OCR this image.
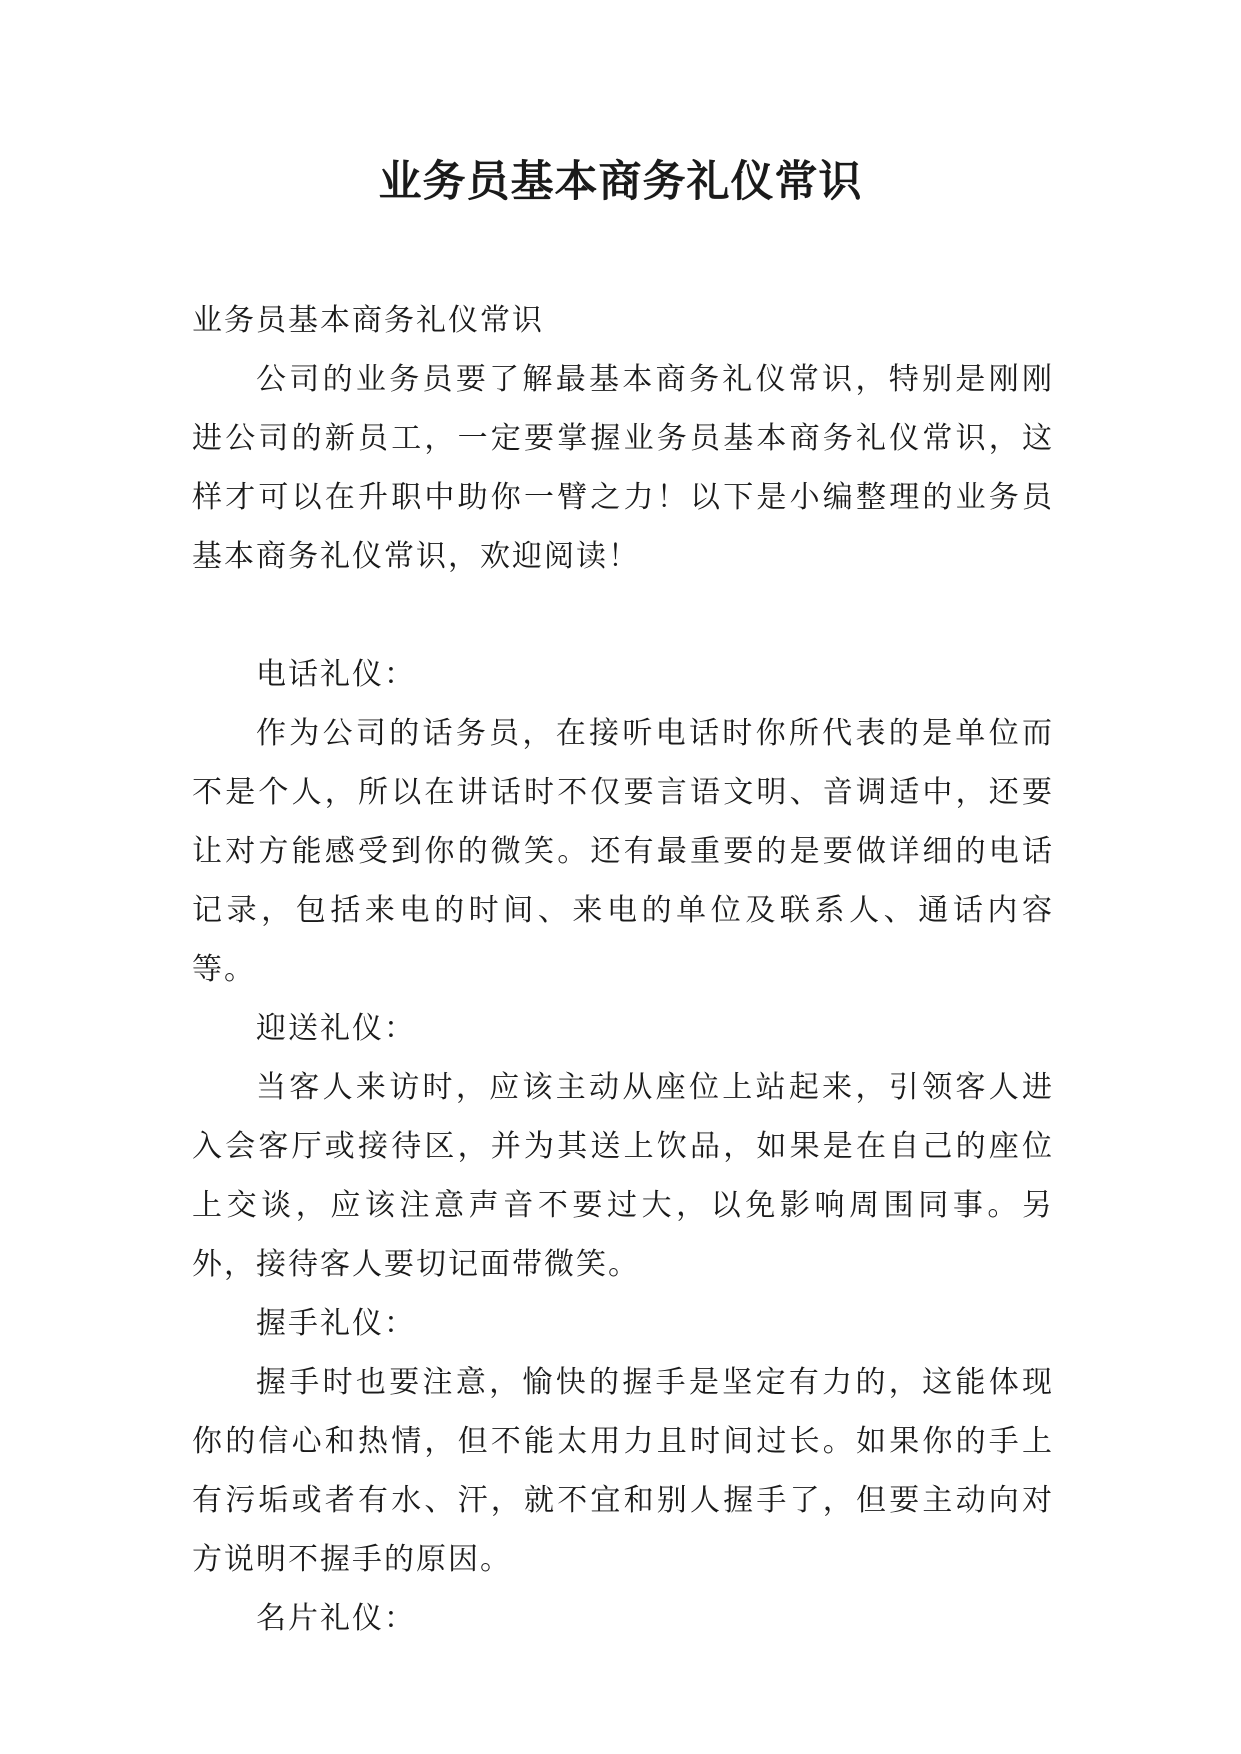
业务员基本商务礼仪常识

业务员基本商务礼仪常识

公司的业务员要了解最基本商务礼仪常识，特别是刚刚进公司的新员工，一定要掌握业务员基本商务礼仪常识，这样才可以在升职中助你一臂之力！以下是小编整理的业务员基本商务礼仪常识，欢迎阅读！

电话礼仪：

作为公司的话务员，在接听电话时你所代表的是单位而不是个人，所以在讲话时不仅要言语文明、音调适中，还要让对方能感受到你的微笑。还有最重要的是要做详细的电话记录，包括来电的时间、来电的单位及联系人、通话内容等。

迎送礼仪：

当客人来访时，应该主动从座位上站起来，引领客人进入会客厅或接待区，并为其送上饮品，如果是在自己的座位上交谈，应该注意声音不要过大，以免影响周围同事。另外，接待客人要切记面带微笑。

握手礼仪：

握手时也要注意，愉快的握手是坚定有力的，这能体现你的信心和热情，但不能太用力且时间过长。如果你的手上有污垢或者有水、汗，就不宜和别人握手了，但要主动向对方说明不握手的原因。

名片礼仪：
